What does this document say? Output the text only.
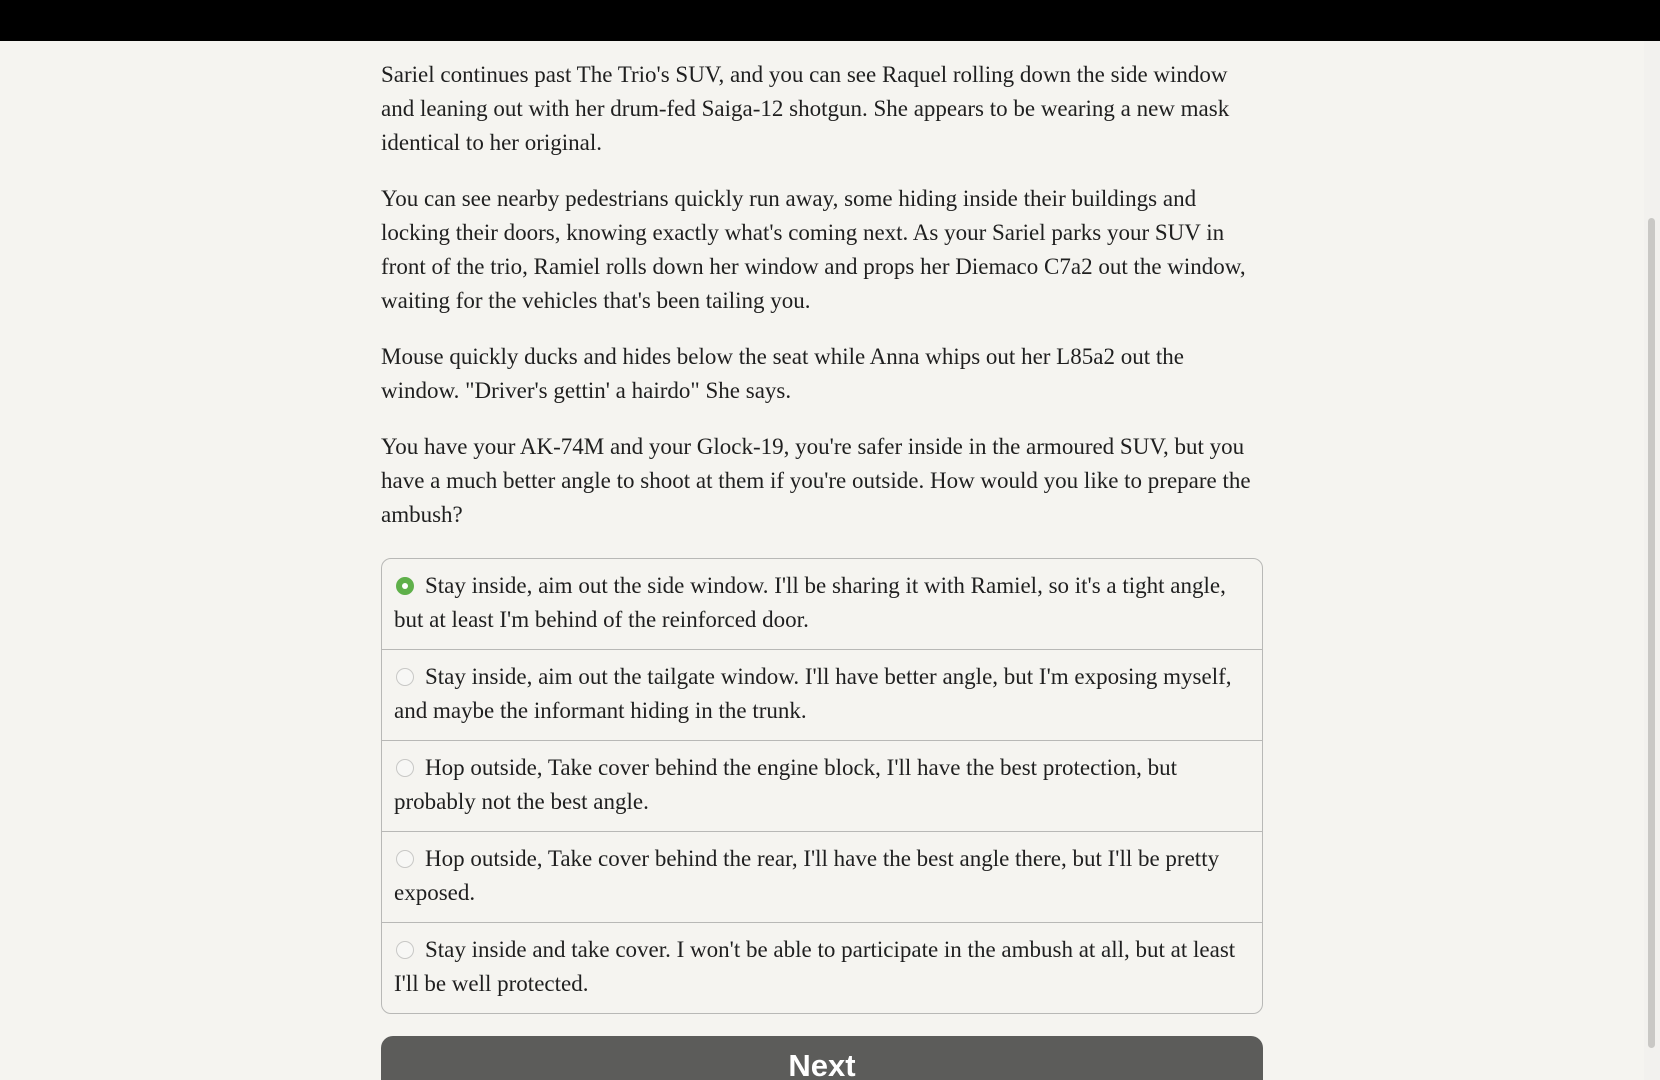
Sariel continues past The Trio's SUV, and you can see Raquel rolling down the side window and leaning out with her drum-fed Saiga-12 shotgun. She appears to be wearing a new mask identical to her original.

You can see nearby pedestrians quickly run away, some hiding inside their buildings and locking their doors, knowing exactly what's coming next. As your Sariel parks your SUV in front of the trio, Ramiel rolls down her window and props her Diemaco C7a2 out the window, waiting for the vehicles that's been tailing you.

Mouse quickly ducks and hides below the seat while Anna whips out her L85a2 out the window. "Driver's gettin' a hairdo" She says.

You have your AK-74M and your Glock-19, you're safer inside in the armoured SUV, but you have a much better angle to shoot at them if you're outside. How would you like to prepare the ambush?

Stay inside, aim out the side window. I'll be sharing it with Ramiel, so it's a tight angle, but at least I'm behind of the reinforced door.
Stay inside, aim out the tailgate window. I'll have better angle, but I'm exposing myself, and maybe the informant hiding in the trunk.
Hop outside, Take cover behind the engine block, I'll have the best protection, but probably not the best angle.
Hop outside, Take cover behind the rear, I'll have the best angle there, but I'll be pretty exposed.
Stay inside and take cover. I won't be able to participate in the ambush at all, but at least I'll be well protected.
Next
